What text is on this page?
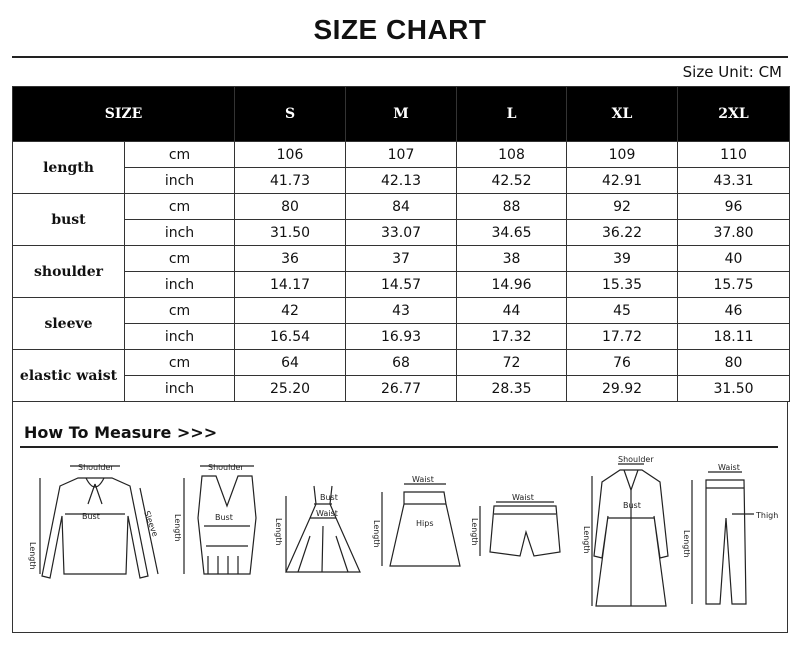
SIZE CHART
Size Unit: CM
SIZE		S	M	L	XL	2XL
length	cm	106	107	108	109	110
	inch	41.73	42.13	42.52	42.91	43.31
bust	cm	80	84	88	92	96
	inch	31.50	33.07	34.65	36.22	37.80
shoulder	cm	36	37	38	39	40
	inch	14.17	14.57	14.96	15.35	15.75
sleeve	cm	42	43	44	45	46
	inch	16.54	16.93	17.32	17.72	18.11
elastic waist	cm	64	68	72	76	80
	inch	25.20	26.77	28.35	29.92	31.50
How To Measure >>>
Shoulder
Bust
Length
Sleeve
Shoulder
Bust
Length
Bust
Waist
Length
Waist
Hips
Length
Waist
Length
Shoulder
Bust
Length
Waist
Thigh
Length
